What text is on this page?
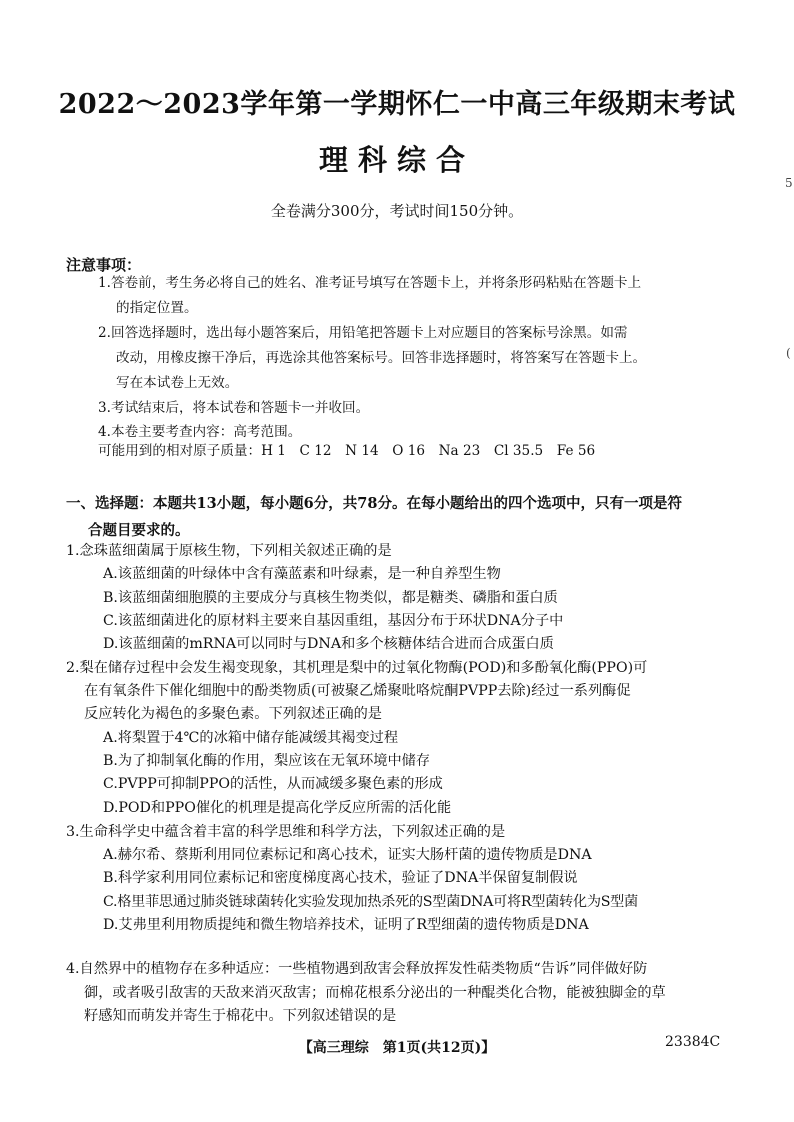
2022～2023学年第一学期怀仁一中高三年级期末考试
理科综合
全卷满分300分，考试时间150分钟。
注意事项：
1.答卷前，考生务必将自己的姓名、准考证号填写在答题卡上，并将条形码粘贴在答题卡上
的指定位置。
2.回答选择题时，选出每小题答案后，用铅笔把答题卡上对应题目的答案标号涂黑。如需
改动，用橡皮擦干净后，再选涂其他答案标号。回答非选择题时，将答案写在答题卡上。
写在本试卷上无效。
3.考试结束后，将本试卷和答题卡一并收回。
4.本卷主要考查内容：高考范围。
可能用到的相对原子质量：H 1　C 12　N 14　O 16　Na 23　Cl 35.5　Fe 56
一、选择题：本题共13小题，每小题6分，共78分。在每小题给出的四个选项中，只有一项是符
合题目要求的。
1.念珠蓝细菌属于原核生物，下列相关叙述正确的是
A.该蓝细菌的叶绿体中含有藻蓝素和叶绿素，是一种自养型生物
B.该蓝细菌细胞膜的主要成分与真核生物类似，都是糖类、磷脂和蛋白质
C.该蓝细菌进化的原材料主要来自基因重组，基因分布于环状DNA分子中
D.该蓝细菌的mRNA可以同时与DNA和多个核糖体结合进而合成蛋白质
2.梨在储存过程中会发生褐变现象，其机理是梨中的过氧化物酶(POD)和多酚氧化酶(PPO)可
在有氧条件下催化细胞中的酚类物质(可被聚乙烯聚吡咯烷酮PVPP去除)经过一系列酶促
反应转化为褐色的多聚色素。下列叙述正确的是
A.将梨置于4℃的冰箱中储存能减缓其褐变过程
B.为了抑制氧化酶的作用，梨应该在无氧环境中储存
C.PVPP可抑制PPO的活性，从而减缓多聚色素的形成
D.POD和PPO催化的机理是提高化学反应所需的活化能
3.生命科学史中蕴含着丰富的科学思维和科学方法，下列叙述正确的是
A.赫尔希、蔡斯利用同位素标记和离心技术，证实大肠杆菌的遗传物质是DNA
B.科学家利用同位素标记和密度梯度离心技术，验证了DNA半保留复制假说
C.格里菲思通过肺炎链球菌转化实验发现加热杀死的S型菌DNA可将R型菌转化为S型菌
D.艾弗里利用物质提纯和微生物培养技术，证明了R型细菌的遗传物质是DNA
4.自然界中的植物存在多种适应：一些植物遇到敌害会释放挥发性萜类物质“告诉”同伴做好防
御，或者吸引敌害的天敌来消灭敌害；而棉花根系分泌出的一种醌类化合物，能被独脚金的草
籽感知而萌发并寄生于棉花中。下列叙述错误的是
【高三理综　第1页(共12页)】	23384C
5
(
